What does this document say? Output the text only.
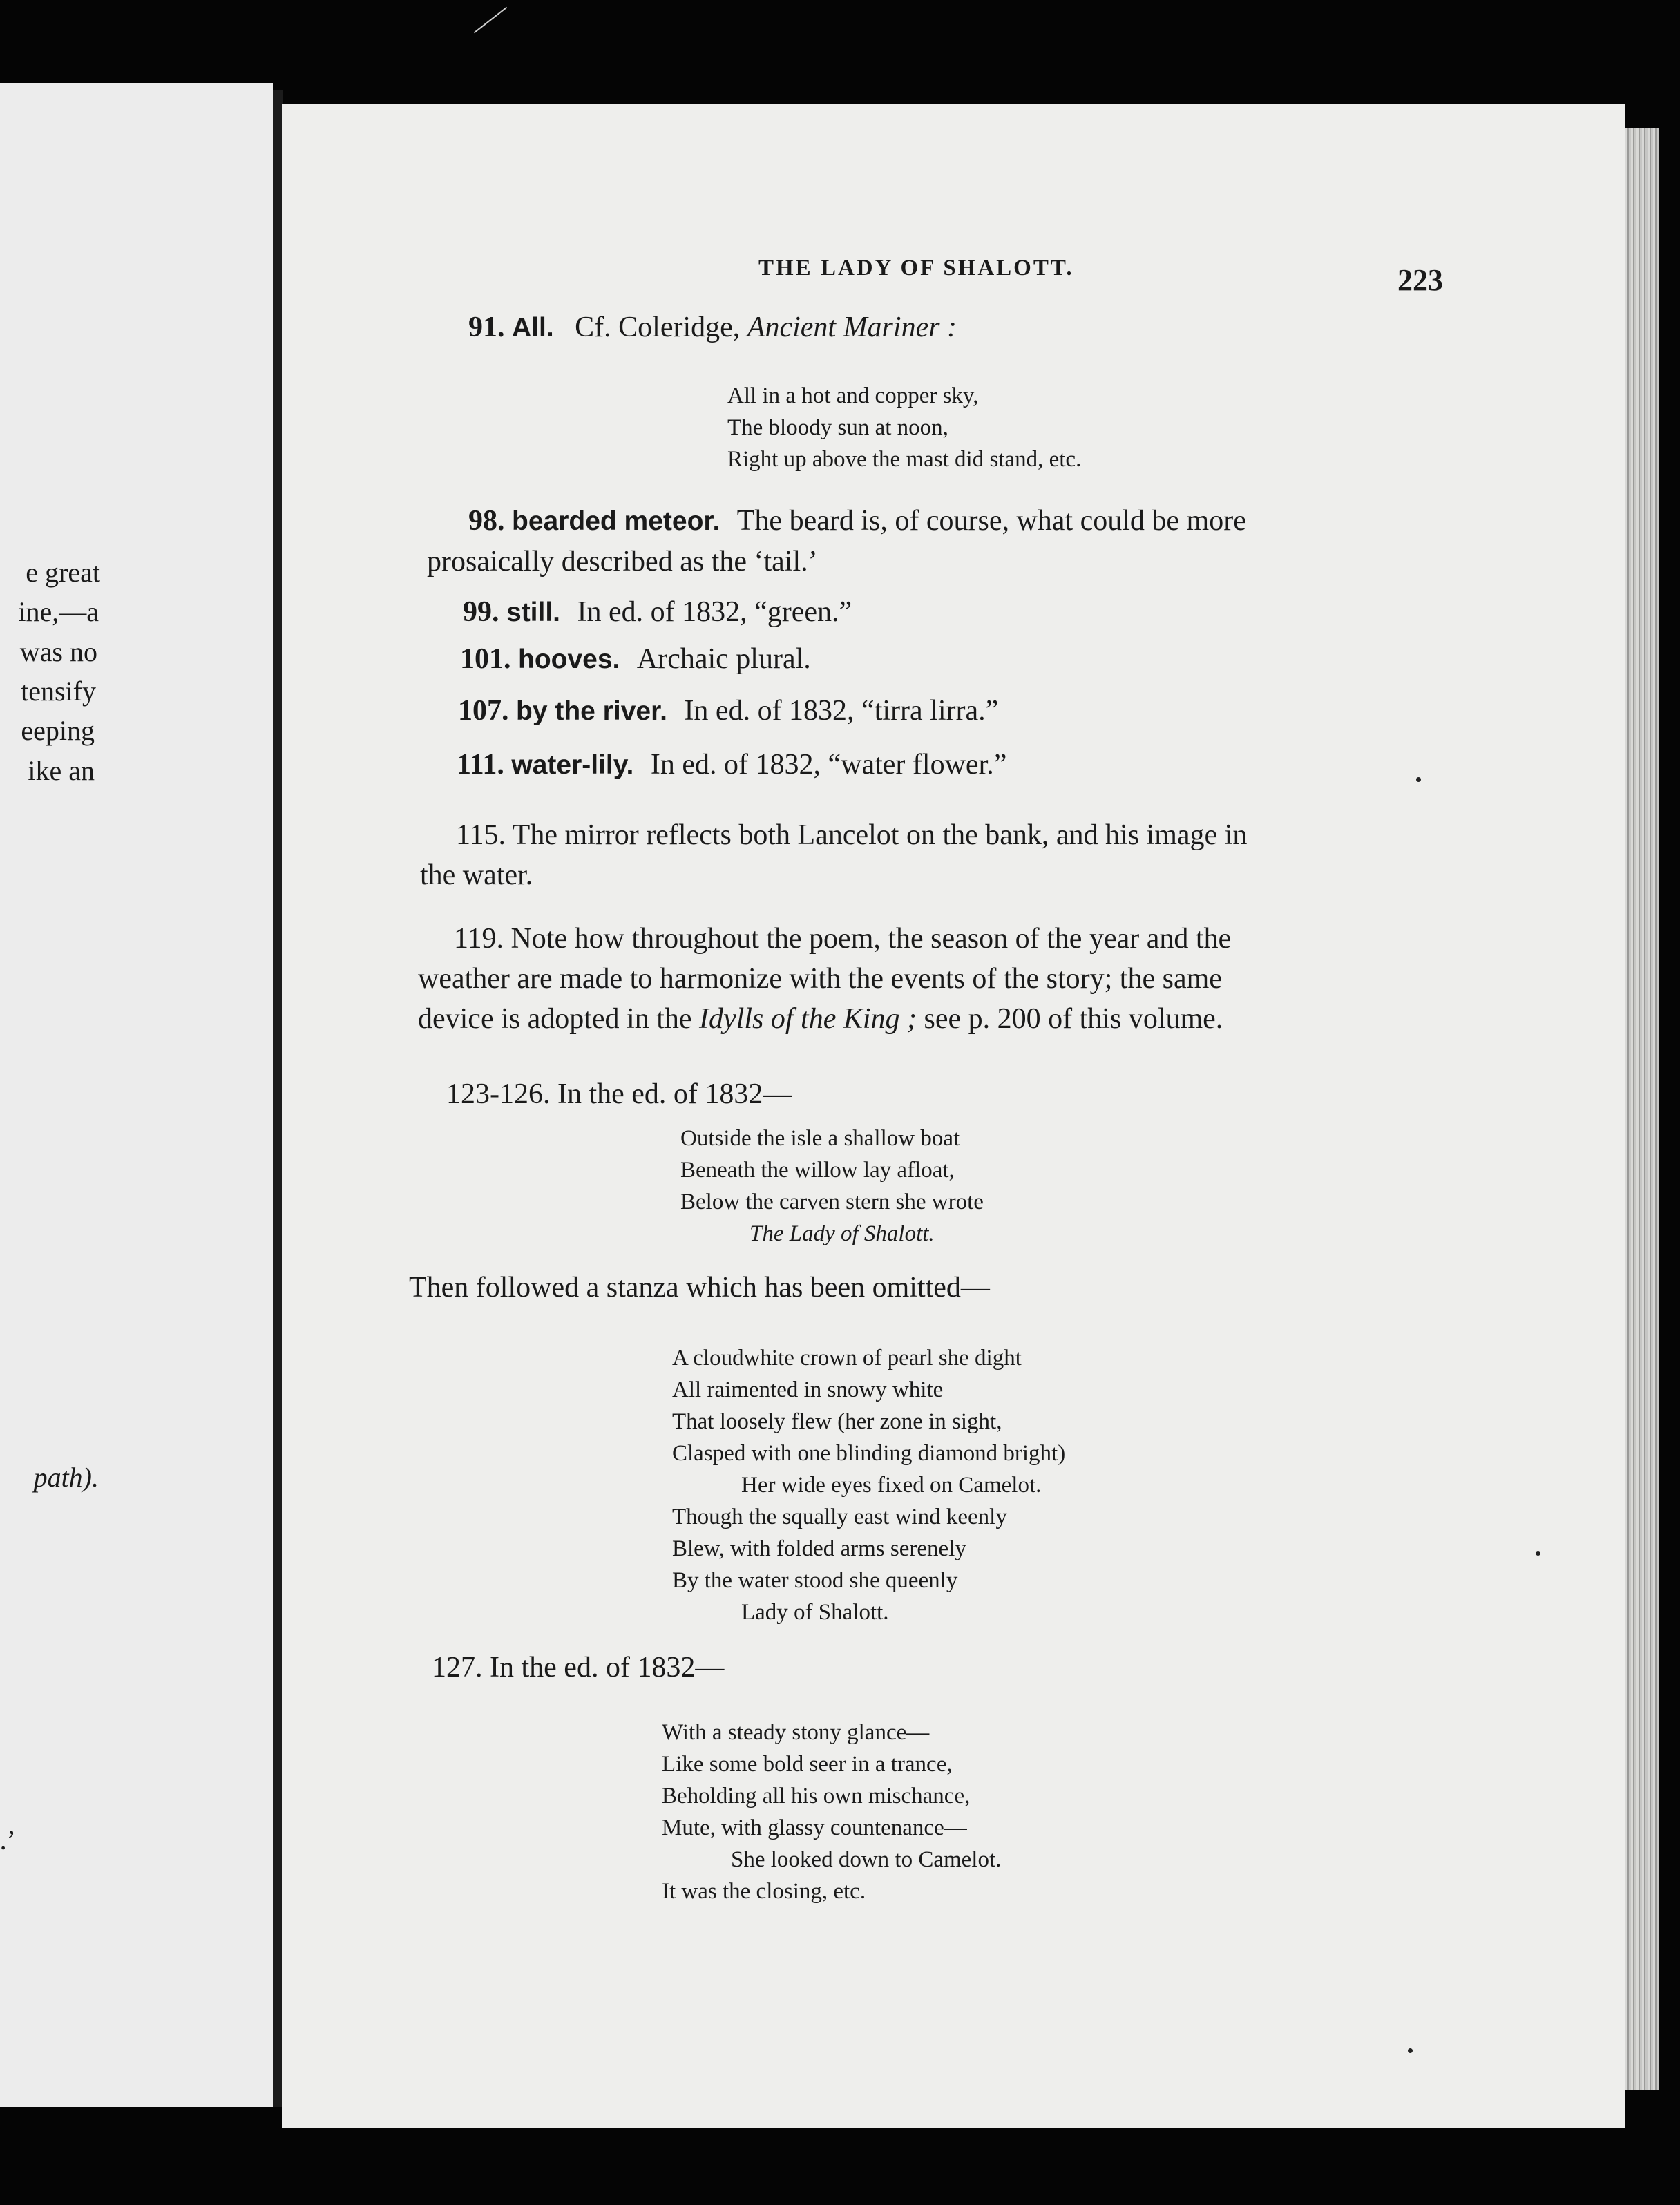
e great
ine,—a
was no
tensify
eeping
ike an
path).
.’
THE LADY OF SHALOTT.	223
91. All. Cf. Coleridge, Ancient Mariner :
All in a hot and copper sky,
The bloody sun at noon,
Right up above the mast did stand, etc.
98. bearded meteor. The beard is, of course, what could be more
prosaically described as the ‘tail.’
99. still. In ed. of 1832, “green.”
101. hooves. Archaic plural.
107. by the river. In ed. of 1832, “tirra lirra.”
111. water-lily. In ed. of 1832, “water flower.”
115. The mirror reflects both Lancelot on the bank, and his image in
the water.
119. Note how throughout the poem, the season of the year and the
weather are made to harmonize with the events of the story; the same
device is adopted in the Idylls of the King ; see p. 200 of this volume.
123-126. In the ed. of 1832—
Outside the isle a shallow boat
Beneath the willow lay afloat,
Below the carven stern she wrote
The Lady of Shalott.
Then followed a stanza which has been omitted—
A cloudwhite crown of pearl she dight
All raimented in snowy white
That loosely flew (her zone in sight,
Clasped with one blinding diamond bright)
Her wide eyes fixed on Camelot.
Though the squally east wind keenly
Blew, with folded arms serenely
By the water stood she queenly
Lady of Shalott.
127. In the ed. of 1832—
With a steady stony glance—
Like some bold seer in a trance,
Beholding all his own mischance,
Mute, with glassy countenance—
She looked down to Camelot.
It was the closing, etc.
